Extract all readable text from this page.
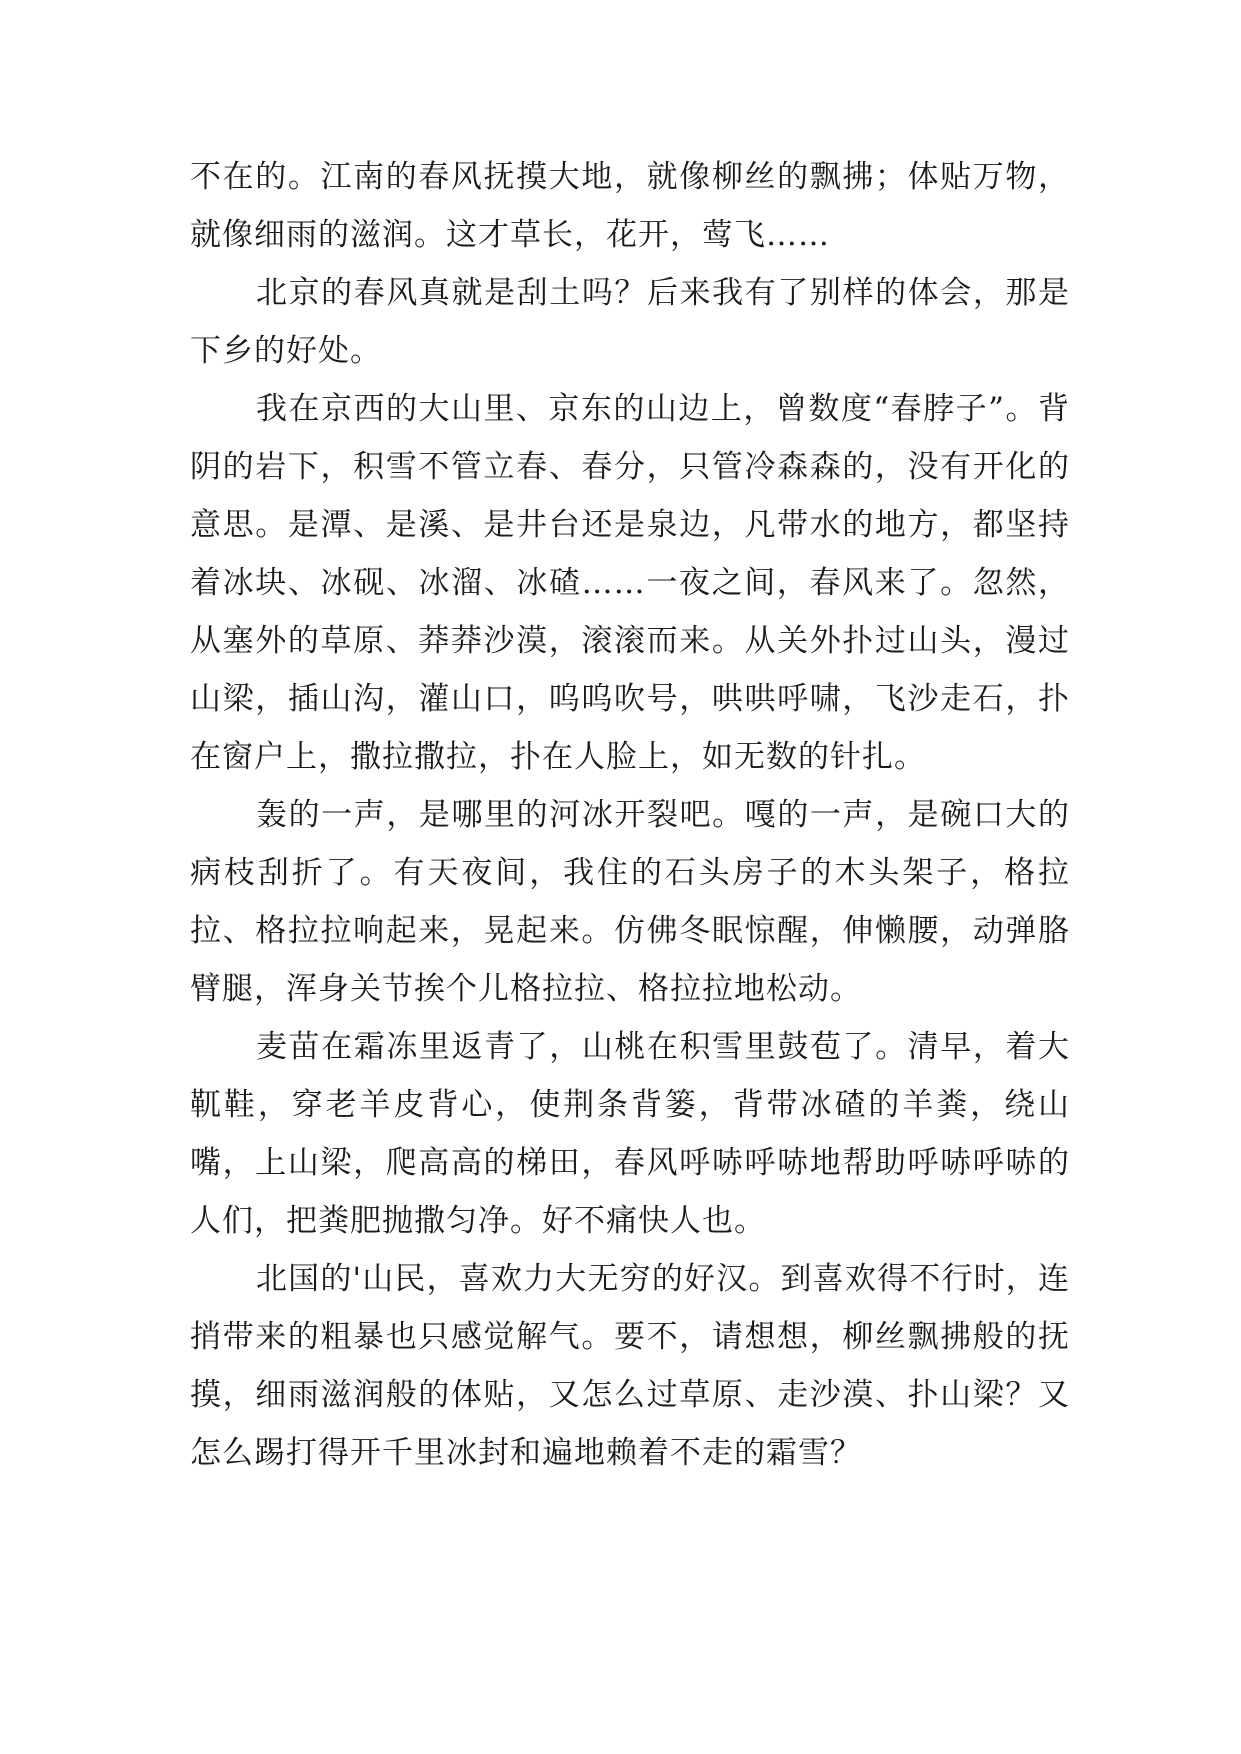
不在的。江南的春风抚摸大地，就像柳丝的飘拂；体贴万物，就像细雨的滋润。这才草长，花开，莺飞……

北京的春风真就是刮土吗？后来我有了别样的体会，那是下乡的好处。

我在京西的大山里、京东的山边上，曾数度“春脖子”。背阴的岩下，积雪不管立春、春分，只管冷森森的，没有开化的意思。是潭、是溪、是井台还是泉边，凡带水的地方，都坚持着冰块、冰砚、冰溜、冰碴……一夜之间，春风来了。忽然，从塞外的草原、莽莽沙漠，滚滚而来。从关外扑过山头，漫过山梁，插山沟，灌山口，呜呜吹号，哄哄呼啸，飞沙走石，扑在窗户上，撒拉撒拉，扑在人脸上，如无数的针扎。

轰的一声，是哪里的河冰开裂吧。嘎的一声，是碗口大的病枝刮折了。有天夜间，我住的石头房子的木头架子，格拉拉、格拉拉响起来，晃起来。仿佛冬眠惊醒，伸懒腰，动弹胳臂腿，浑身关节挨个儿格拉拉、格拉拉地松动。

麦苗在霜冻里返青了，山桃在积雪里鼓苞了。清早，着大靰鞋，穿老羊皮背心，使荆条背篓，背带冰碴的羊粪，绕山嘴，上山梁，爬高高的梯田，春风呼哧呼哧地帮助呼哧呼哧的人们，把粪肥抛撒匀净。好不痛快人也。

北国的'山民，喜欢力大无穷的好汉。到喜欢得不行时，连捎带来的粗暴也只感觉解气。要不，请想想，柳丝飘拂般的抚摸，细雨滋润般的体贴，又怎么过草原、走沙漠、扑山梁？又怎么踢打得开千里冰封和遍地赖着不走的霜雪？
